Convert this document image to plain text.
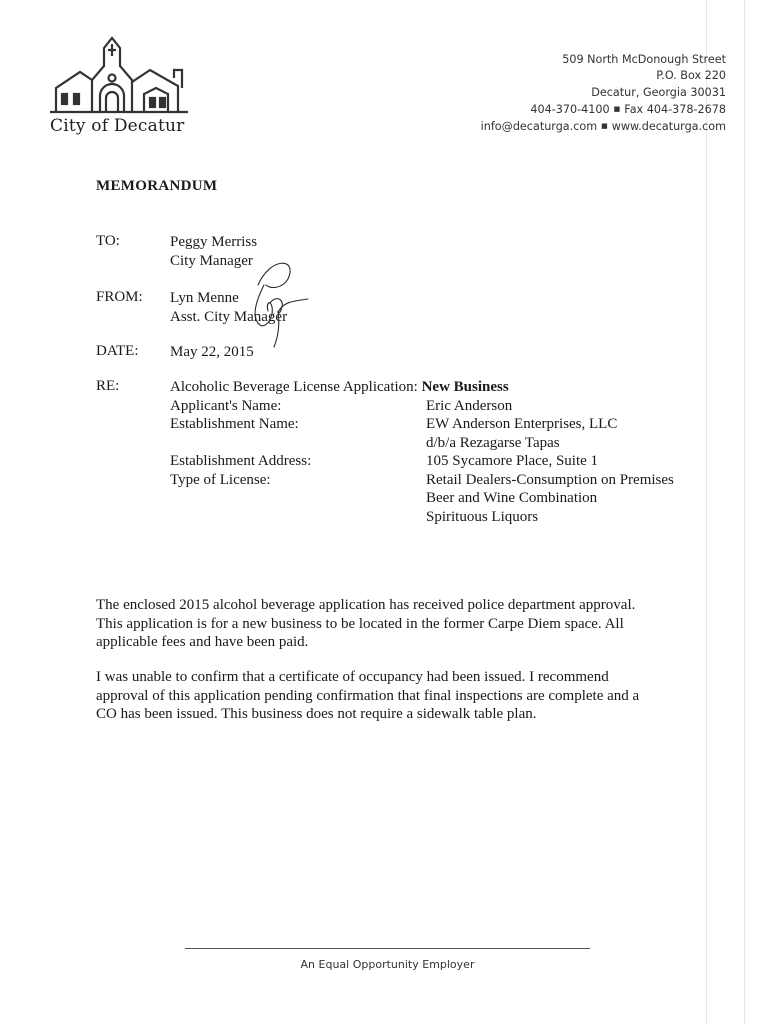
City of Decatur
509 North McDonough Street
P.O. Box 220
Decatur, Georgia 30031
404-370-4100 ■ Fax 404-378-2678
info@decaturga.com ■ www.decaturga.com
MEMORANDUM
TO:	Peggy Merriss
City Manager
FROM: Lyn Menne
Asst. City Manager
DATE: May 22, 2015
RE:	Alcoholic Beverage License Application: New Business
Applicant's Name:
Establishment Name:

Establishment Address:
Type of License:
Eric Anderson
EW Anderson Enterprises, LLC
d/b/a Rezagarse Tapas
105 Sycamore Place, Suite 1
Retail Dealers-Consumption on Premises
Beer and Wine Combination
Spirituous Liquors
The enclosed 2015 alcohol beverage application has received police department approval.
This application is for a new business to be located in the former Carpe Diem space. All
applicable fees and have been paid.
I was unable to confirm that a certificate of occupancy had been issued. I recommend
approval of this application pending confirmation that final inspections are complete and a
CO has been issued. This business does not require a sidewalk table plan.
An Equal Opportunity Employer
